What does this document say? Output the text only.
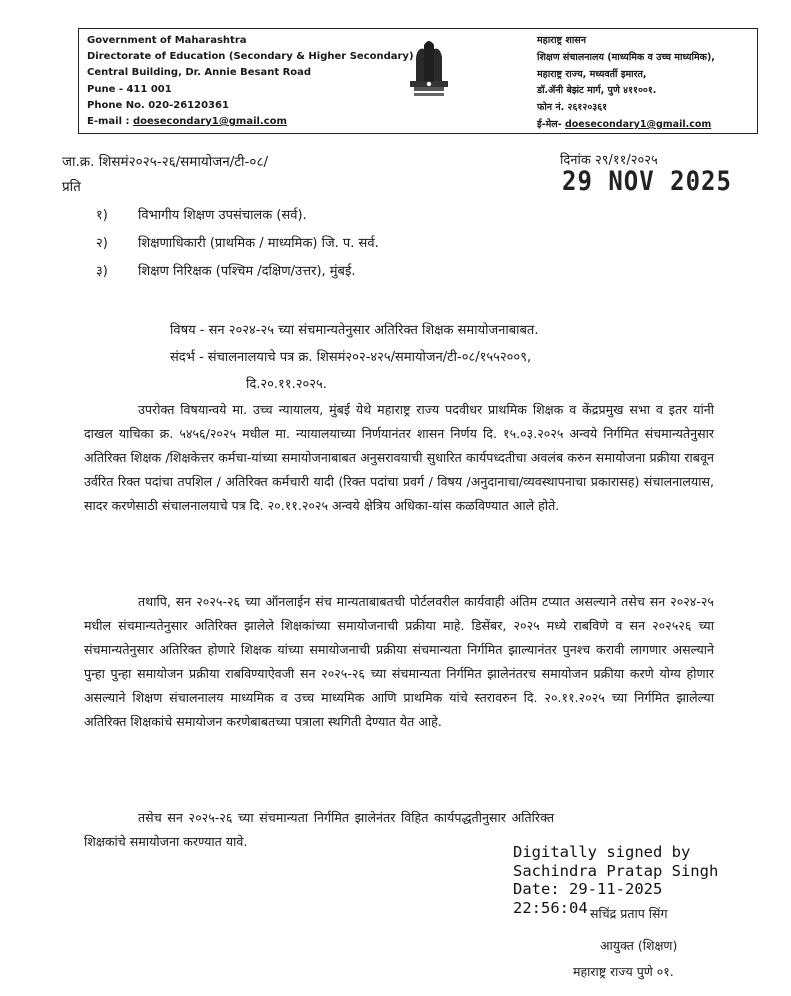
Government of Maharashtra
Directorate of Education (Secondary & Higher Secondary)
Central Building, Dr. Annie Besant Road
Pune - 411 001
Phone No. 020-26120361
E-mail : doesecondary1@gmail.com
महाराष्ट्र शासन
शिक्षण संचालनालय (माध्यमिक व उच्च माध्यमिक),
महाराष्ट्र राज्य, मध्यवर्ती इमारत,
डॉ.ॲनी बेझंट मार्ग, पुणे ४११००१.
फोन नं. २६१२०३६१
ई-मेल- doesecondary1@gmail.com
जा.क्र. शिसमं२०२५-२६/समायोजन/टी-०८/	दिनांक २९/११/२०२५
29 NOV 2025
प्रति
१) विभागीय शिक्षण उपसंचालक (सर्व).
२) शिक्षणाधिकारी (प्राथमिक / माध्यमिक) जि. प. सर्व.
३) शिक्षण निरिक्षक (पश्चिम /दक्षिण/उत्तर), मुंबई.
विषय - सन २०२४-२५ च्या संचमान्यतेनुसार अतिरिक्त शिक्षक समायोजनाबाबत.
संदर्भ - संचालनालयाचे पत्र क्र. शिसमं२०२-४२५/समायोजन/टी-०८/१५५२००९,
दि.२०.११.२०२५.
उपरोक्त विषयान्वये मा. उच्च न्यायालय, मुंबई येथे महाराष्ट्र राज्य पदवीधर प्राथमिक शिक्षक व केंद्रप्रमुख सभा व इतर यांनी दाखल याचिका क्र. ५४५६/२०२५ मधील मा. न्यायालयाच्या निर्णयानंतर शासन निर्णय दि. १५.०३.२०२५ अन्वये निर्गमित संचमान्यतेनुसार अतिरिक्त शिक्षक /शिक्षकेत्तर कर्मचा-यांच्या समायोजनाबाबत अनुसरावयाची सुधारित कार्यपध्दतीचा अवलंब करुन समायोजना प्रक्रीया राबवून उर्वरित रिक्त पदांचा तपशिल / अतिरिक्त कर्मचारी यादी (रिक्त पदांचा प्रवर्ग / विषय /अनुदानाचा/व्यवस्थापनाचा प्रकारासह) संचालनालयास, सादर करणेसाठी संचालनालयाचे पत्र दि. २०.११.२०२५ अन्वये क्षेत्रिय अधिका-यांस कळविण्यात आले होते.
तथापि, सन २०२५-२६ च्या ऑनलाईन संच मान्यताबाबतची पोर्टलवरील कार्यवाही अंतिम टप्यात असल्याने तसेच सन २०२४-२५ मधील संचमान्यतेनुसार अतिरिक्त झालेले शिक्षकांच्या समायोजनाची प्रक्रीया माहे. डिसेंबर, २०२५ मध्ये राबविणे व सन २०२५२६ च्या संचमान्यतेनुसार अतिरिक्त होणारे शिक्षक यांच्या समायोजनाची प्रक्रीया संचमान्यता निर्गमित झाल्यानंतर पुनश्च करावी लागणार असल्याने पुन्हा पुन्हा समायोजन प्रक्रीया राबविण्याऐवजी सन २०२५-२६ च्या संचमान्यता निर्गमित झालेनंतरच समायोजन प्रक्रीया करणे योग्य होणार असल्याने शिक्षण संचालनालय माध्यमिक व उच्च माध्यमिक आणि प्राथमिक यांचे स्तरावरुन दि. २०.११.२०२५ च्या निर्गमित झालेल्या अतिरिक्त शिक्षकांचे समायोजन करणेबाबतच्या पत्राला स्थगिती देण्यात येत आहे.
तसेच सन २०२५-२६ च्या संचमान्यता निर्गमित झालेनंतर विहित कार्यपद्धतीनुसार अतिरिक्त शिक्षकांचे समायोजना करण्यात यावे.
Digitally signed by
Sachindra Pratap Singh
Date: 29-11-2025
22:56:04 सचिंद्र प्रताप सिंग
आयुक्त (शिक्षण)
महाराष्ट्र राज्य पुणे ०१.
